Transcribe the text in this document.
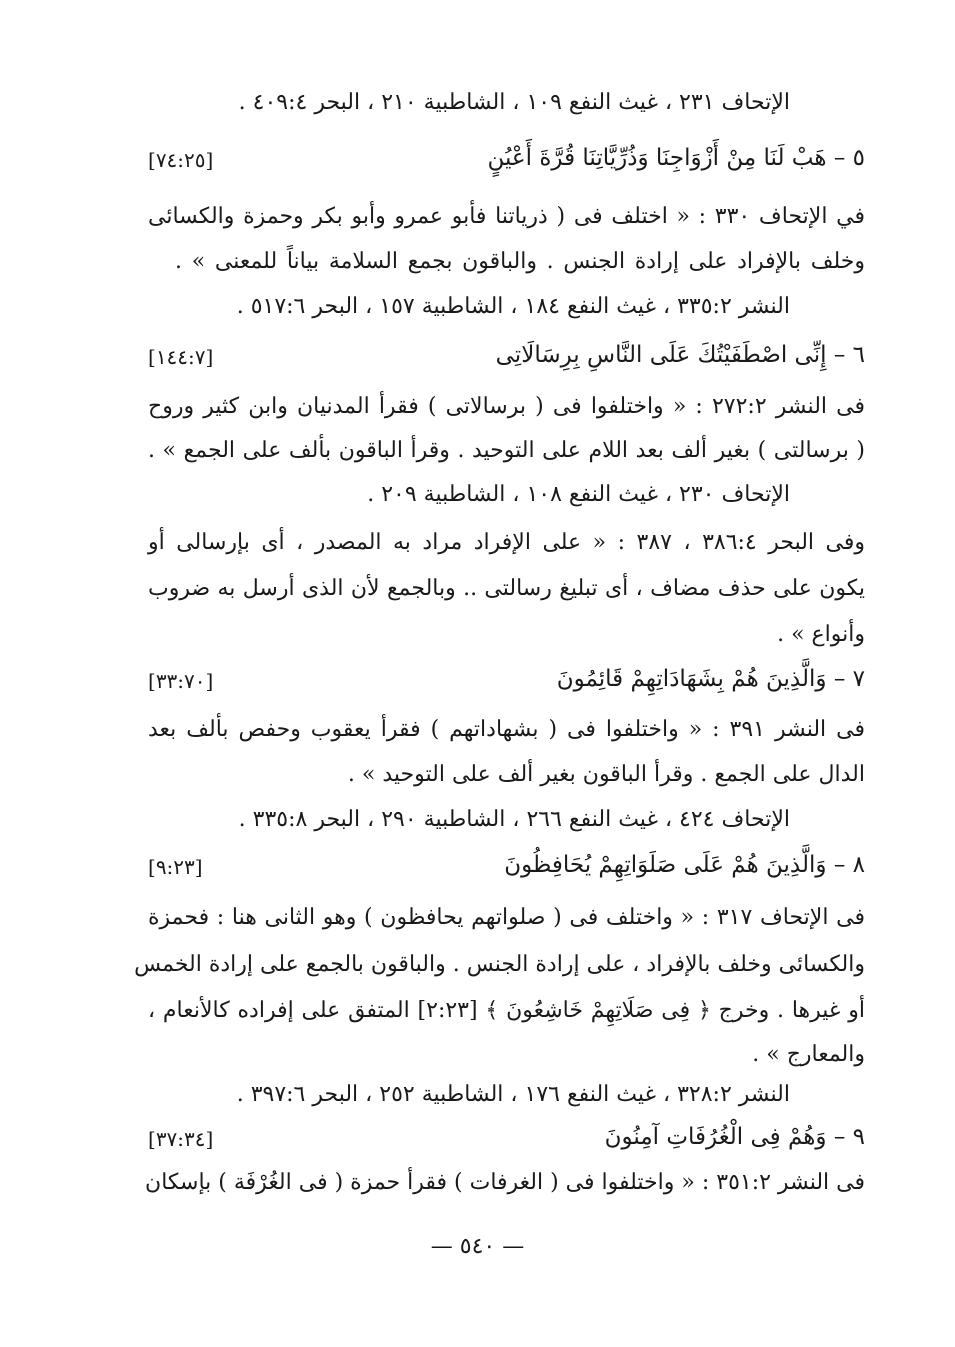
الإتحاف ٢٣١ ، غيث النفع ١٠٩ ، الشاطبية ٢١٠ ، البحر ٤٠٩:٤ .
٥ – هَبْ لَنَا مِنْ أَزْوَاجِنَا وَذُرِّيَّاتِنَا قُرَّةَ أَعْيُنٍ
[٧٤:٢٥]
في الإتحاف ٣٣٠ : « اختلف فى ( ذرياتنا فأبو عمرو وأبو بكر وحمزة والكسائى
وخلف بالإفراد على إرادة الجنس . والباقون بجمع السلامة بياناً للمعنى » .
النشر ٣٣٥:٢ ، غيث النفع ١٨٤ ، الشاطبية ١٥٧ ، البحر ٥١٧:٦ .
٦ – إِنِّى اصْطَفَيْتُكَ عَلَى النَّاسِ بِرِسَالَاتِى
[١٤٤:٧]
فى النشر ٢٧٢:٢ : « واختلفوا فى ( برسالاتى ) فقرأ المدنيان وابن كثير وروح
( برسالتى ) بغير ألف بعد اللام على التوحيد . وقرأ الباقون بألف على الجمع » .
الإتحاف ٢٣٠ ، غيث النفع ١٠٨ ، الشاطبية ٢٠٩ .
وفى البحر ٣٨٦:٤ ، ٣٨٧ : « على الإفراد مراد به المصدر ، أى بإرسالى أو
يكون على حذف مضاف ، أى تبليغ رسالتى .. وبالجمع لأن الذى أرسل به ضروب
وأنواع » .
٧ – وَالَّذِينَ هُمْ بِشَهَادَاتِهِمْ قَائِمُونَ
[٣٣:٧٠]
فى النشر ٣٩١ : « واختلفوا فى ( بشهاداتهم ) فقرأ يعقوب وحفص بألف بعد
الدال على الجمع . وقرأ الباقون بغير ألف على التوحيد » .
الإتحاف ٤٢٤ ، غيث النفع ٢٦٦ ، الشاطبية ٢٩٠ ، البحر ٣٣٥:٨ .
٨ – وَالَّذِينَ هُمْ عَلَى صَلَوَاتِهِمْ يُحَافِظُونَ
[٩:٢٣]
فى الإتحاف ٣١٧ : « واختلف فى ( صلواتهم يحافظون ) وهو الثانى هنا : فحمزة
والكسائى وخلف بالإفراد ، على إرادة الجنس . والباقون بالجمع على إرادة الخمس
أو غيرها . وخرج ﴿ فِى صَلَاتِهِمْ خَاشِعُونَ ﴾ [٢:٢٣] المتفق على إفراده كالأنعام ،
والمعارج » .
النشر ٣٢٨:٢ ، غيث النفع ١٧٦ ، الشاطبية ٢٥٢ ، البحر ٣٩٧:٦ .
٩ – وَهُمْ فِى الْغُرُفَاتِ آمِنُونَ
[٣٧:٣٤]
فى النشر ٣٥١:٢ : « واختلفوا فى ( الغرفات ) فقرأ حمزة ( فى الغُرْفَة ) بإسكان
— ٥٤٠ —
